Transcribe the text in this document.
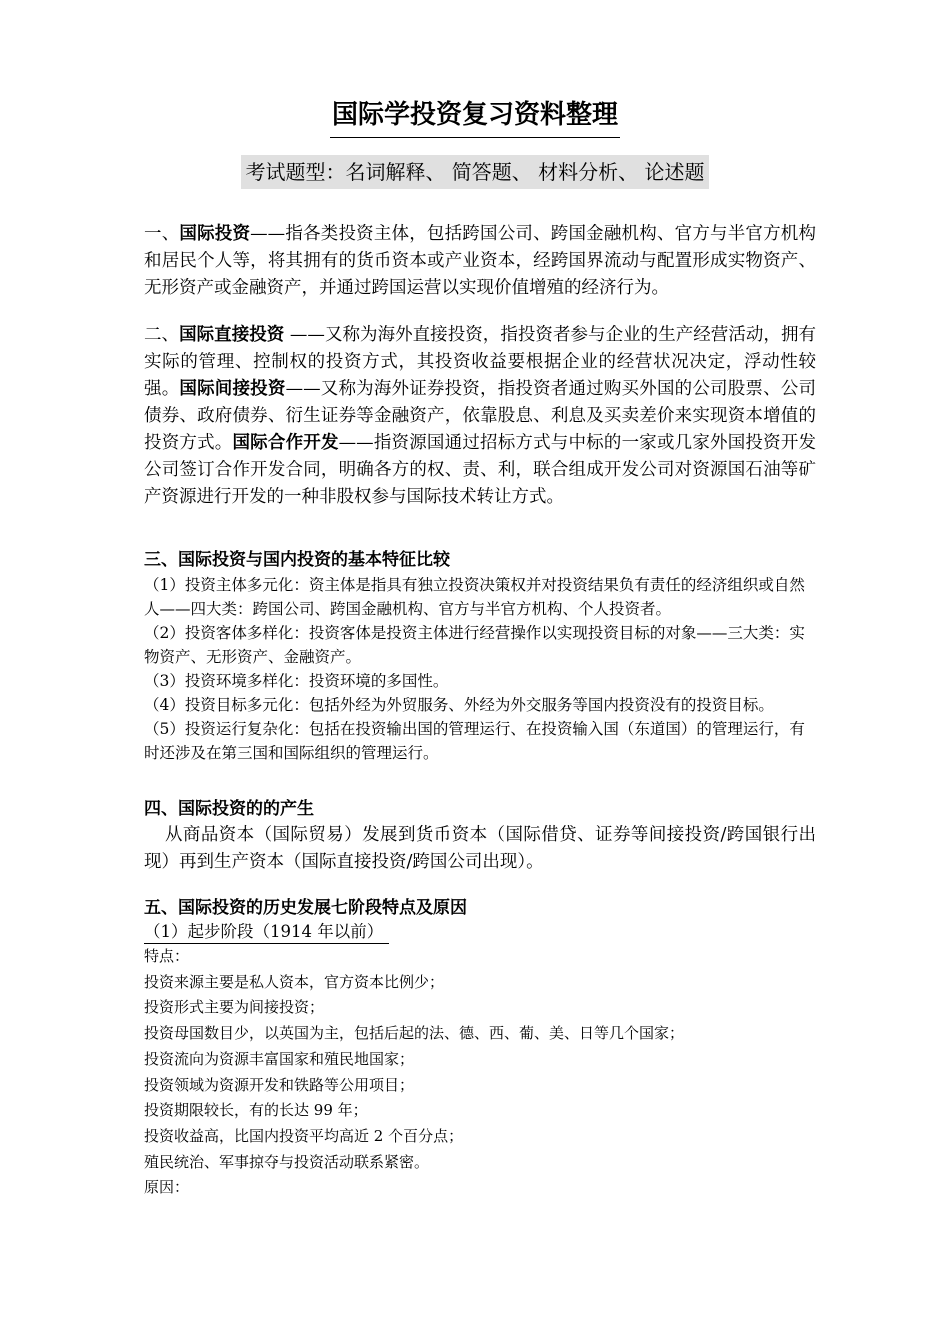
国际学投资复习资料整理
考试题型：名词解释、 简答题、 材料分析、 论述题

一、国际投资——指各类投资主体，包括跨国公司、跨国金融机构、官方与半官方机构和居民个人等，将其拥有的货币资本或产业资本，经跨国界流动与配置形成实物资产、无形资产或金融资产，并通过跨国运营以实现价值增殖的经济行为。

二、国际直接投资 ——又称为海外直接投资，指投资者参与企业的生产经营活动，拥有实际的管理、控制权的投资方式，其投资收益要根据企业的经营状况决定，浮动性较强。国际间接投资——又称为海外证券投资，指投资者通过购买外国的公司股票、公司债券、政府债券、衍生证券等金融资产，依靠股息、利息及买卖差价来实现资本增值的投资方式。国际合作开发——指资源国通过招标方式与中标的一家或几家外国投资开发公司签订合作开发合同，明确各方的权、责、利，联合组成开发公司对资源国石油等矿产资源进行开发的一种非股权参与国际技术转让方式。

三、国际投资与国内投资的基本特征比较

（1）投资主体多元化：资主体是指具有独立投资决策权并对投资结果负有责任的经济组织或自然人——四大类：跨国公司、跨国金融机构、官方与半官方机构、个人投资者。

（2）投资客体多样化：投资客体是投资主体进行经营操作以实现投资目标的对象——三大类：实物资产、无形资产、金融资产。

（3）投资环境多样化：投资环境的多国性。

（4）投资目标多元化：包括外经为外贸服务、外经为外交服务等国内投资没有的投资目标。

（5）投资运行复杂化：包括在投资输出国的管理运行、在投资输入国（东道国）的管理运行，有时还涉及在第三国和国际组织的管理运行。

四、国际投资的的产生

从商品资本（国际贸易）发展到货币资本（国际借贷、证券等间接投资/跨国银行出现）再到生产资本（国际直接投资/跨国公司出现）。

五、国际投资的历史发展七阶段特点及原因

（1）起步阶段（1914 年以前）

特点：

投资来源主要是私人资本，官方资本比例少；

投资形式主要为间接投资；

投资母国数目少，以英国为主，包括后起的法、德、西、葡、美、日等几个国家；

投资流向为资源丰富国家和殖民地国家；

投资领域为资源开发和铁路等公用项目；

投资期限较长，有的长达 99 年；

投资收益高，比国内投资平均高近 2 个百分点；

殖民统治、军事掠夺与投资活动联系紧密。

原因：
